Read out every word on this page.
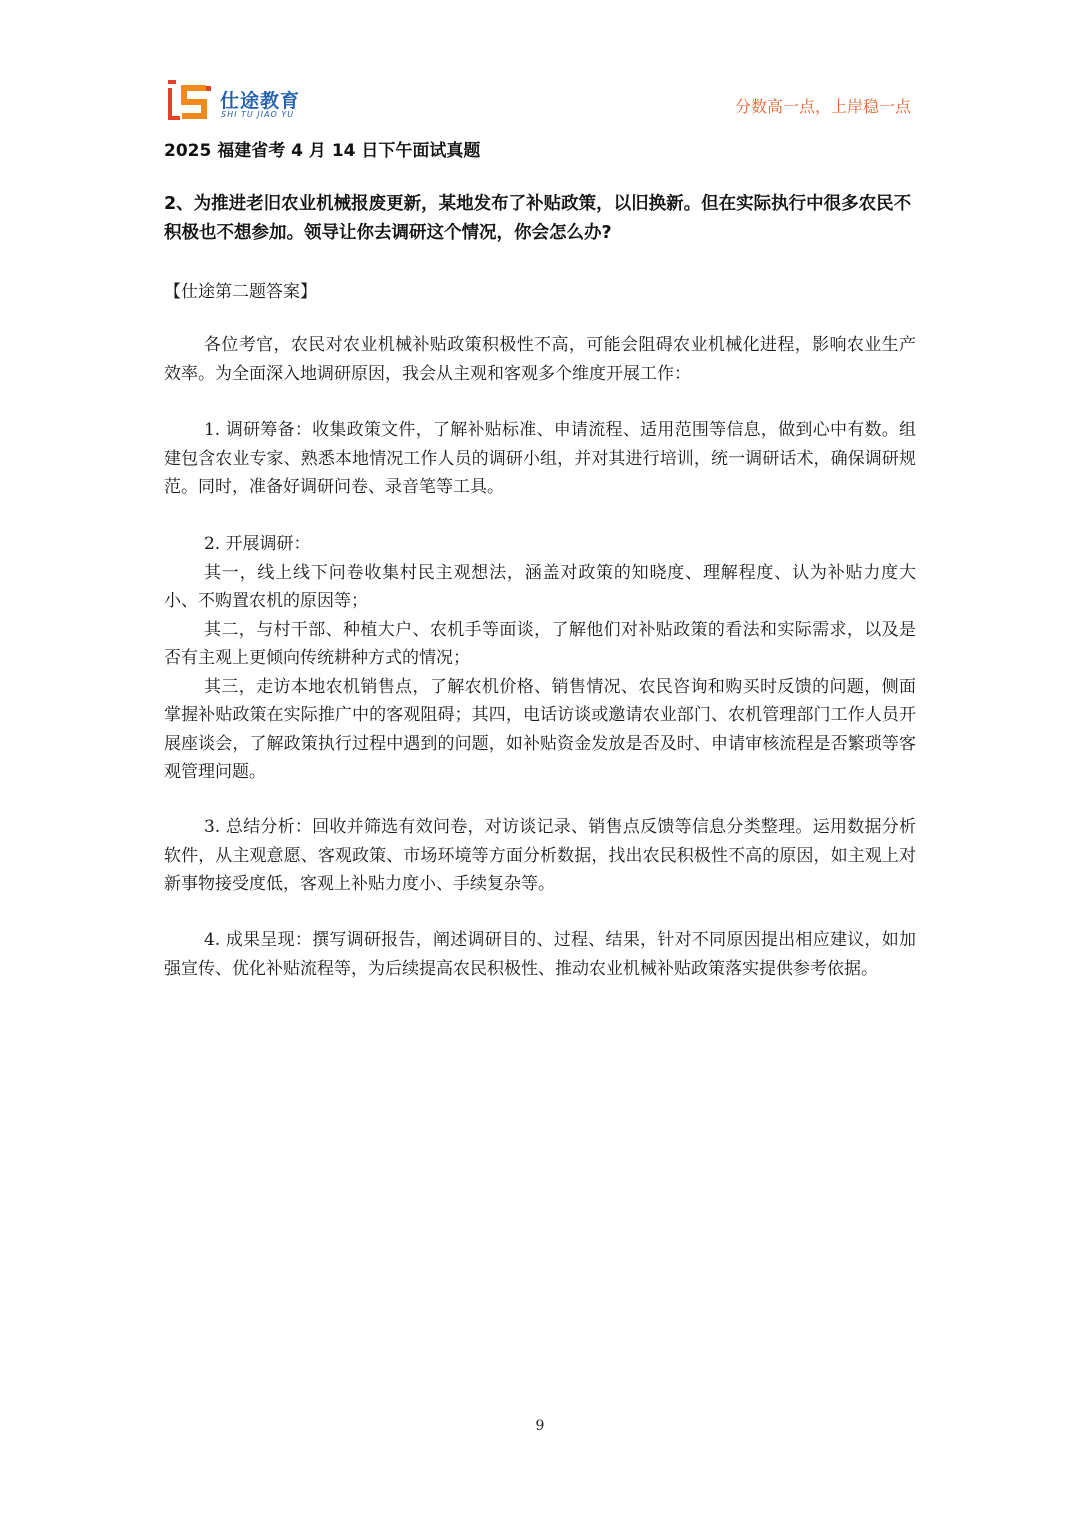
仕途教育
SHI TU JIAO YU	分数高一点，上岸稳一点
2025 福建省考 4 月 14 日下午面试真题
2、为推进老旧农业机械报废更新，某地发布了补贴政策，以旧换新。但在实际执行中很多农民不积极也不想参加。领导让你去调研这个情况，你会怎么办?
【仕途第二题答案】

各位考官，农民对农业机械补贴政策积极性不高，可能会阻碍农业机械化进程，影响农业生产效率。为全面深入地调研原因，我会从主观和客观多个维度开展工作：

1. 调研筹备：收集政策文件，了解补贴标准、申请流程、适用范围等信息，做到心中有数。组建包含农业专家、熟悉本地情况工作人员的调研小组，并对其进行培训，统一调研话术，确保调研规范。同时，准备好调研问卷、录音笔等工具。

2. 开展调研：

其一，线上线下问卷收集村民主观想法，涵盖对政策的知晓度、理解程度、认为补贴力度大小、不购置农机的原因等；

其二，与村干部、种植大户、农机手等面谈，了解他们对补贴政策的看法和实际需求，以及是否有主观上更倾向传统耕种方式的情况；

其三，走访本地农机销售点，了解农机价格、销售情况、农民咨询和购买时反馈的问题，侧面掌握补贴政策在实际推广中的客观阻碍；其四，电话访谈或邀请农业部门、农机管理部门工作人员开展座谈会，了解政策执行过程中遇到的问题，如补贴资金发放是否及时、申请审核流程是否繁琐等客观管理问题。

3. 总结分析：回收并筛选有效问卷，对访谈记录、销售点反馈等信息分类整理。运用数据分析软件，从主观意愿、客观政策、市场环境等方面分析数据，找出农民积极性不高的原因，如主观上对新事物接受度低，客观上补贴力度小、手续复杂等。

4. 成果呈现：撰写调研报告，阐述调研目的、过程、结果，针对不同原因提出相应建议，如加强宣传、优化补贴流程等，为后续提高农民积极性、推动农业机械补贴政策落实提供参考依据。

9
